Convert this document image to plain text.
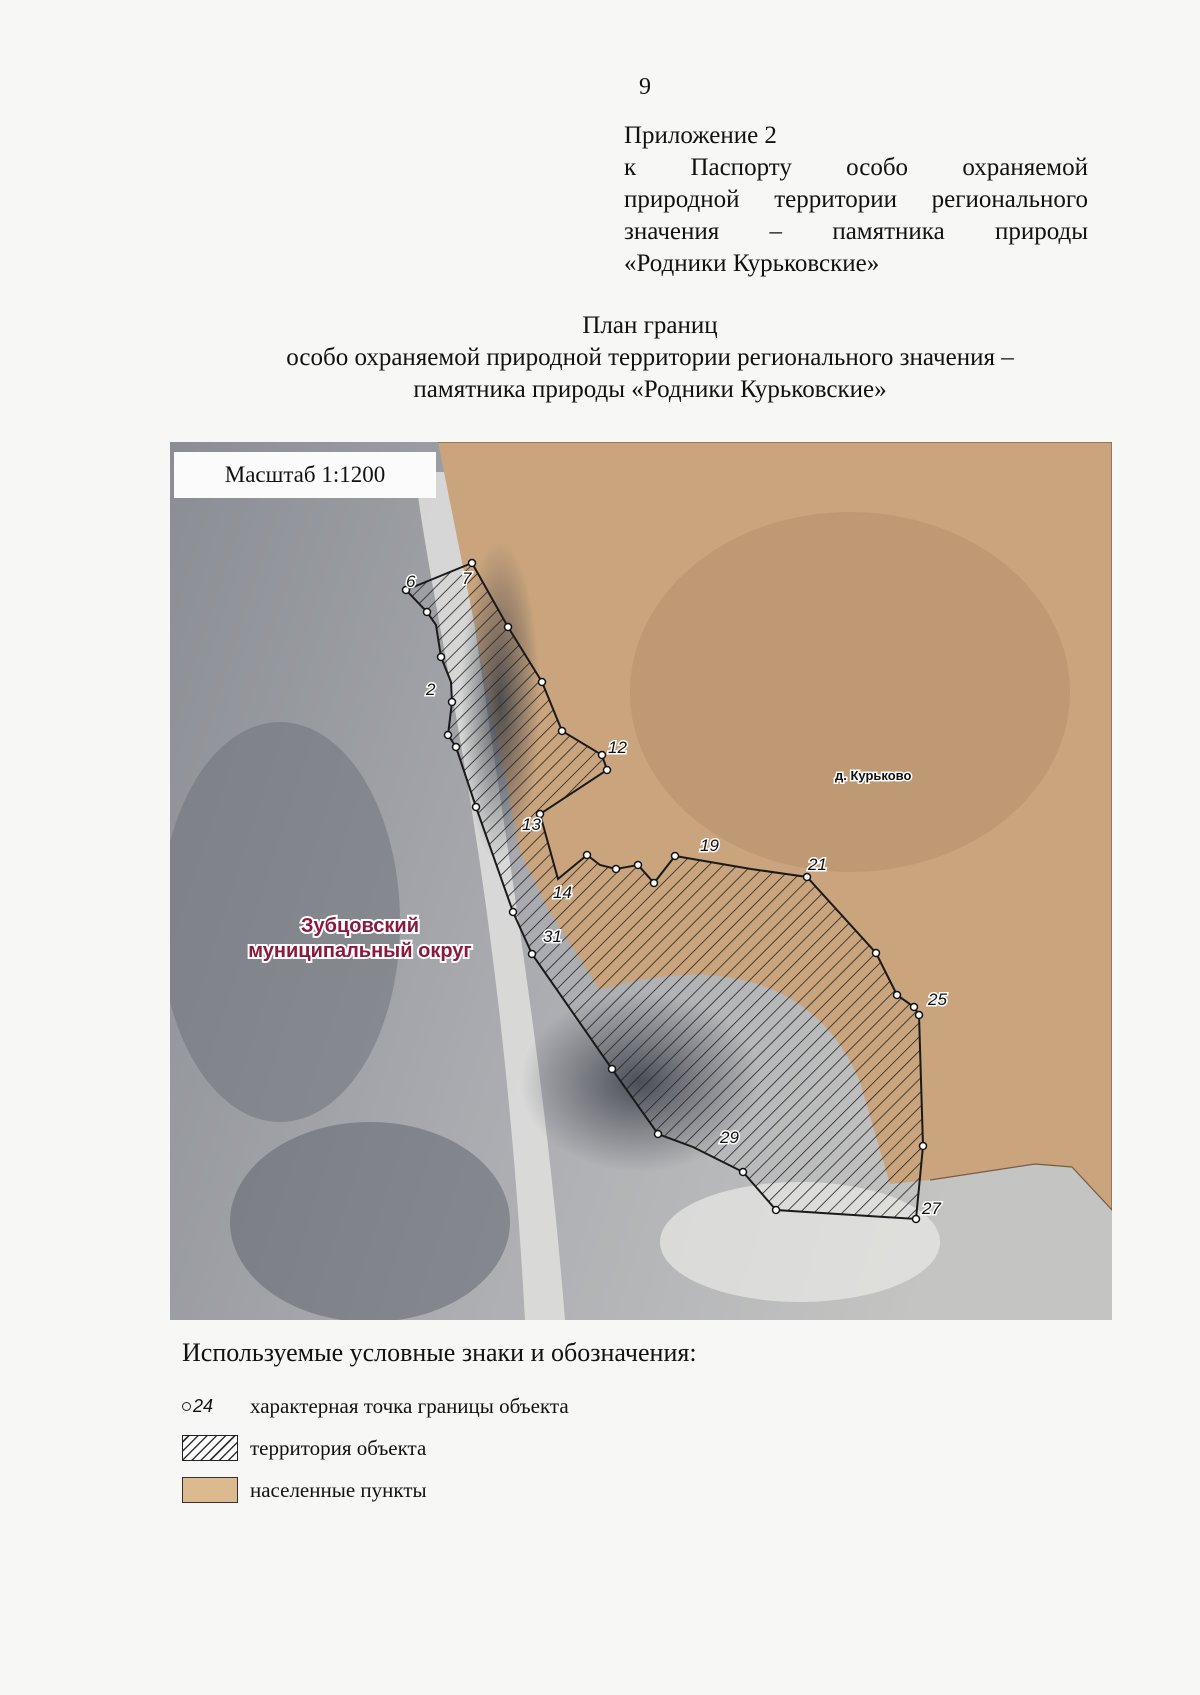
9
Приложение 2
к Паспорту особо охраняемой
природной территории регионального
значения – памятника природы
«Родники Курьковские»
План границ
особо охраняемой природной территории регионального значения –
памятника природы «Родники Курьковские»
6	7
2
12
13
19
21
14
31
25
29
27
д. Курьково
Зубцовский
муниципальный округ
Масштаб 1:1200
Используемые условные знаки и обозначения:
24 характерная точка границы объекта
территория объекта
населенные пункты
